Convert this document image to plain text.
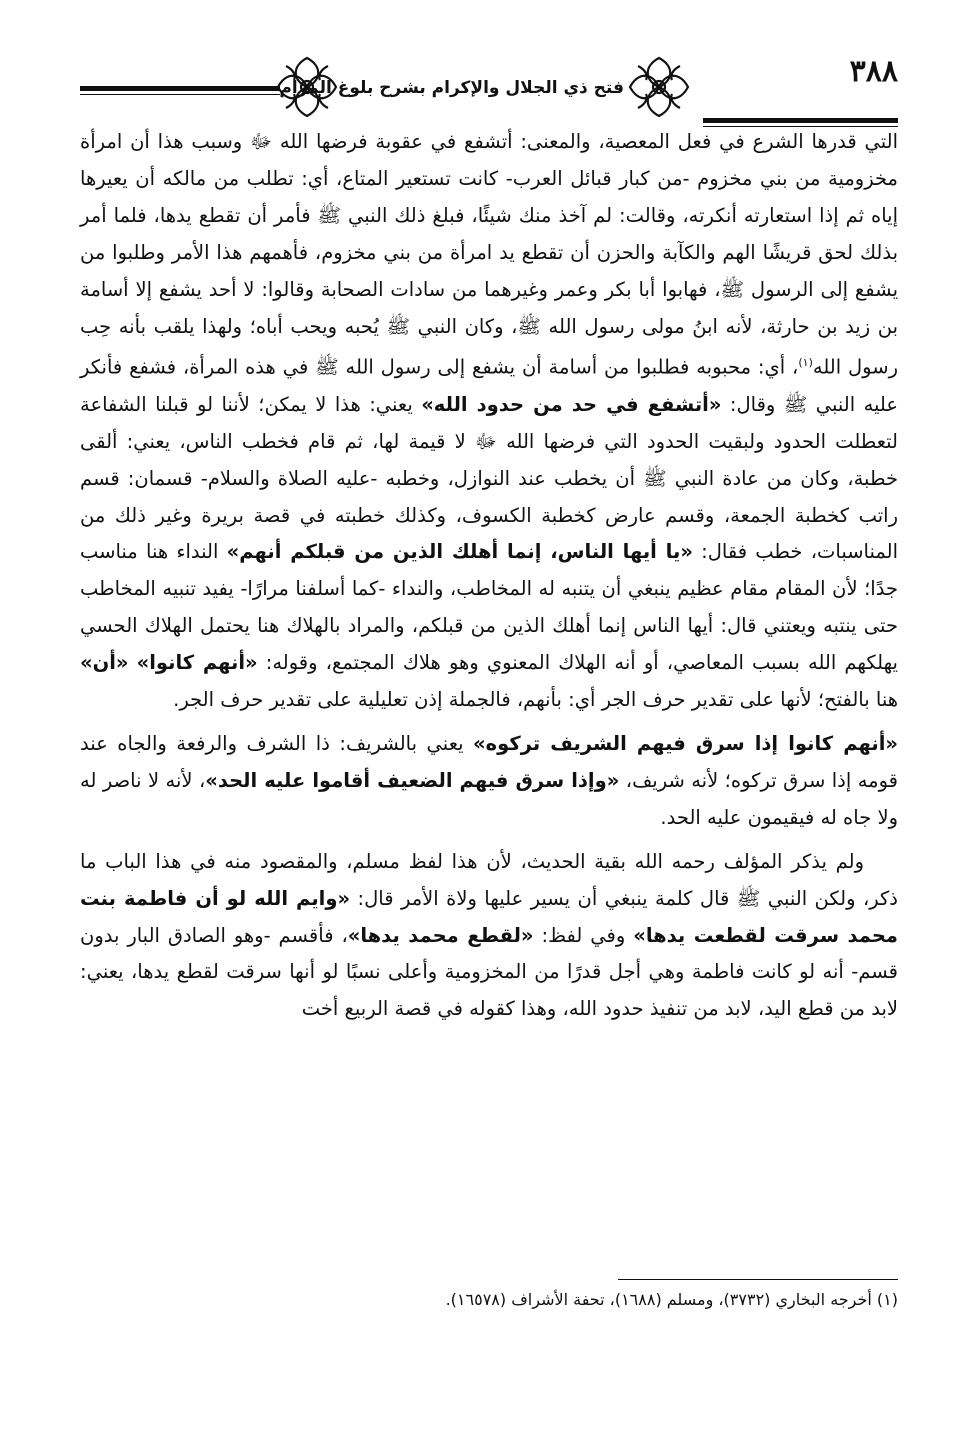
٣٨٨
فتح ذي الجلال والإكرام بشرح بلوغ المرام

التي قدرها الشرع في فعل المعصية، والمعنى: أتشفع في عقوبة فرضها الله ﷻ وسبب هذا أن امرأة مخزومية من بني مخزوم -من كبار قبائل العرب- كانت تستعير المتاع، أي: تطلب من مالكه أن يعيرها إياه ثم إذا استعارته أنكرته، وقالت: لم آخذ منك شيئًا، فبلغ ذلك النبي ﷺ فأمر أن تقطع يدها، فلما أمر بذلك لحق قريشًا الهم والكآبة والحزن أن تقطع يد امرأة من بني مخزوم، فأهمهم هذا الأمر وطلبوا من يشفع إلى الرسول ﷺ، فهابوا أبا بكر وعمر وغيرهما من سادات الصحابة وقالوا: لا أحد يشفع إلا أسامة بن زيد بن حارثة، لأنه ابنُ مولى رسول الله ﷺ، وكان النبي ﷺ يُحبه ويحب أباه؛ ولهذا يلقب بأنه حِب رسول الله$^{(١)}$، أي: محبوبه فطلبوا من أسامة أن يشفع إلى رسول الله ﷺ في هذه المرأة، فشفع فأنكر عليه النبي ﷺ وقال: «أتشفع في حد من حدود الله» يعني: هذا لا يمكن؛ لأننا لو قبلنا الشفاعة لتعطلت الحدود ولبقيت الحدود التي فرضها الله ﷻ لا قيمة لها، ثم قام فخطب الناس، يعني: ألقى خطبة، وكان من عادة النبي ﷺ أن يخطب عند النوازل، وخطبه -عليه الصلاة والسلام- قسمان: قسم راتب كخطبة الجمعة، وقسم عارض كخطبة الكسوف، وكذلك خطبته في قصة بريرة وغير ذلك من المناسبات، خطب فقال: «يا أيها الناس، إنما أهلك الذين من قبلكم أنهم» النداء هنا مناسب جدًا؛ لأن المقام مقام عظيم ينبغي أن يتنبه له المخاطب، والنداء -كما أسلفنا مرارًا- يفيد تنبيه المخاطب حتى ينتبه ويعتني قال: أيها الناس إنما أهلك الذين من قبلكم، والمراد بالهلاك هنا يحتمل الهلاك الحسي يهلكهم الله بسبب المعاصي، أو أنه الهلاك المعنوي وهو هلاك المجتمع، وقوله: «أنهم كانوا» «أن» هنا بالفتح؛ لأنها على تقدير حرف الجر أي: بأنهم، فالجملة إذن تعليلية على تقدير حرف الجر.

«أنهم كانوا إذا سرق فيهم الشريف تركوه» يعني بالشريف: ذا الشرف والرفعة والجاه عند قومه إذا سرق تركوه؛ لأنه شريف، «وإذا سرق فيهم الضعيف أقاموا عليه الحد»، لأنه لا ناصر له ولا جاه له فيقيمون عليه الحد.

ولم يذكر المؤلف رحمه الله بقية الحديث، لأن هذا لفظ مسلم، والمقصود منه في هذا الباب ما ذكر، ولكن النبي ﷺ قال كلمة ينبغي أن يسير عليها ولاة الأمر قال: «وايم الله لو أن فاطمة بنت محمد سرقت لقطعت يدها» وفي لفظ: «لقطع محمد يدها»، فأقسم -وهو الصادق البار بدون قسم- أنه لو كانت فاطمة وهي أجل قدرًا من المخزومية وأعلى نسبًا لو أنها سرقت لقطع يدها، يعني: لابد من قطع اليد، لابد من تنفيذ حدود الله، وهذا كقوله في قصة الربيع أخت

(١) أخرجه البخاري (٣٧٣٢)، ومسلم (١٦٨٨)، تحفة الأشراف (١٦٥٧٨).
